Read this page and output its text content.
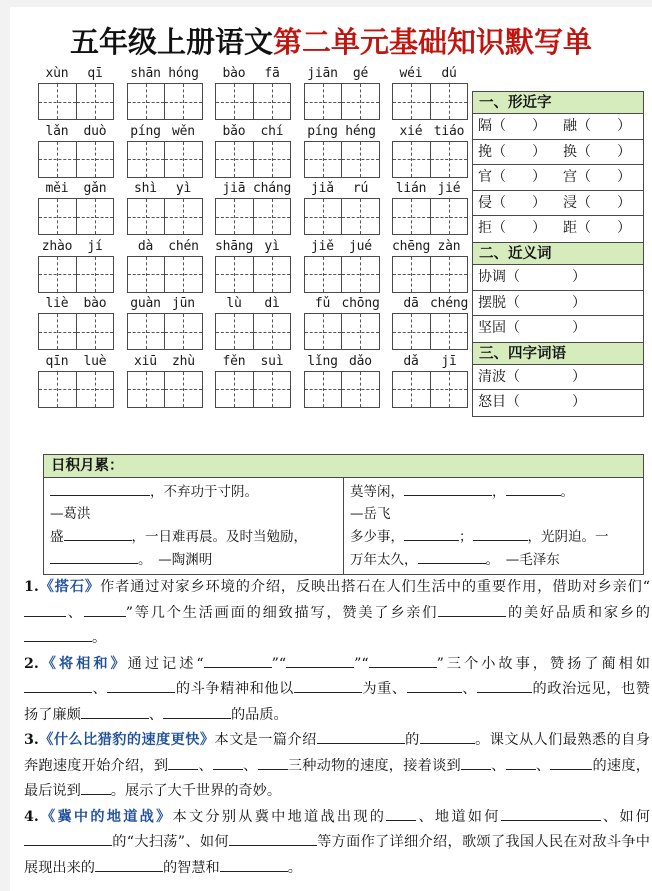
五年级上册语文第二单元基础知识默写单
xùn	qī	shān hóng	bào	fā	jiān	gé	wéi	dú
lǎn	duò	píng wěn	bǎo	chí	píng héng	xié tiáo
měi	gǎn	shì	yì	jiā cháng	jiǎ	rú	lián jié
zhào	jí	dà	chén shāng yì	jiě	jué	chēng zàn
liè	bào	guàn jūn	lù	dì	fǔ chōng	dā chéng
qīn	luè	xiū	zhù	fěn	suì	lǐng dǎo	dǎ	jī
一、形近字
隔（ ）	融（ ）
挽（ ）	换（ ）
官（ ）	宫（ ）
侵（ ）	浸（ ）
拒（ ）	距（ ）
二、近义词
协调（	）
摆脱（	）
坚固（	）
三、四字词语
清波（	）
怒目（	）
日积月累：
，不弃功于寸阴。
—葛洪
盛	，一日难再晨。及时当勉励，
。　—陶渊明
莫等闲，	，	。
—岳飞
多少事，	；	，光阴迫。一
万年太久，	。　—毛泽东
1.《搭石》作者通过对家乡环境的介绍，反映出搭石在人们生活中的重要作用，借助对乡亲们“、	”等几个生活画面的细致描写，赞美了乡亲们	的美好品质和家乡的。
2.《将相和》通过记述“	”“	”“	”三个小故事，赞扬了蔺相如、	的斗争精神和他以	为重、	、	的政治远见，也赞扬了廉颇	、	的品质。
3.《什么比猎豹的速度更快》本文是一篇介绍	的	。课文从人们最熟悉的自身奔跑速度开始介绍，到 、 、 三种动物的速度，接着谈到 、 、	的速度，最后说到 。展示了大千世界的奇妙。
4.《冀中的地道战》本文分别从冀中地道战出现的 、地道如何	、如何的“大扫荡”、如何	等方面作了详细介绍，歌颂了我国人民在对敌斗争中展现出来的	的智慧和	。
